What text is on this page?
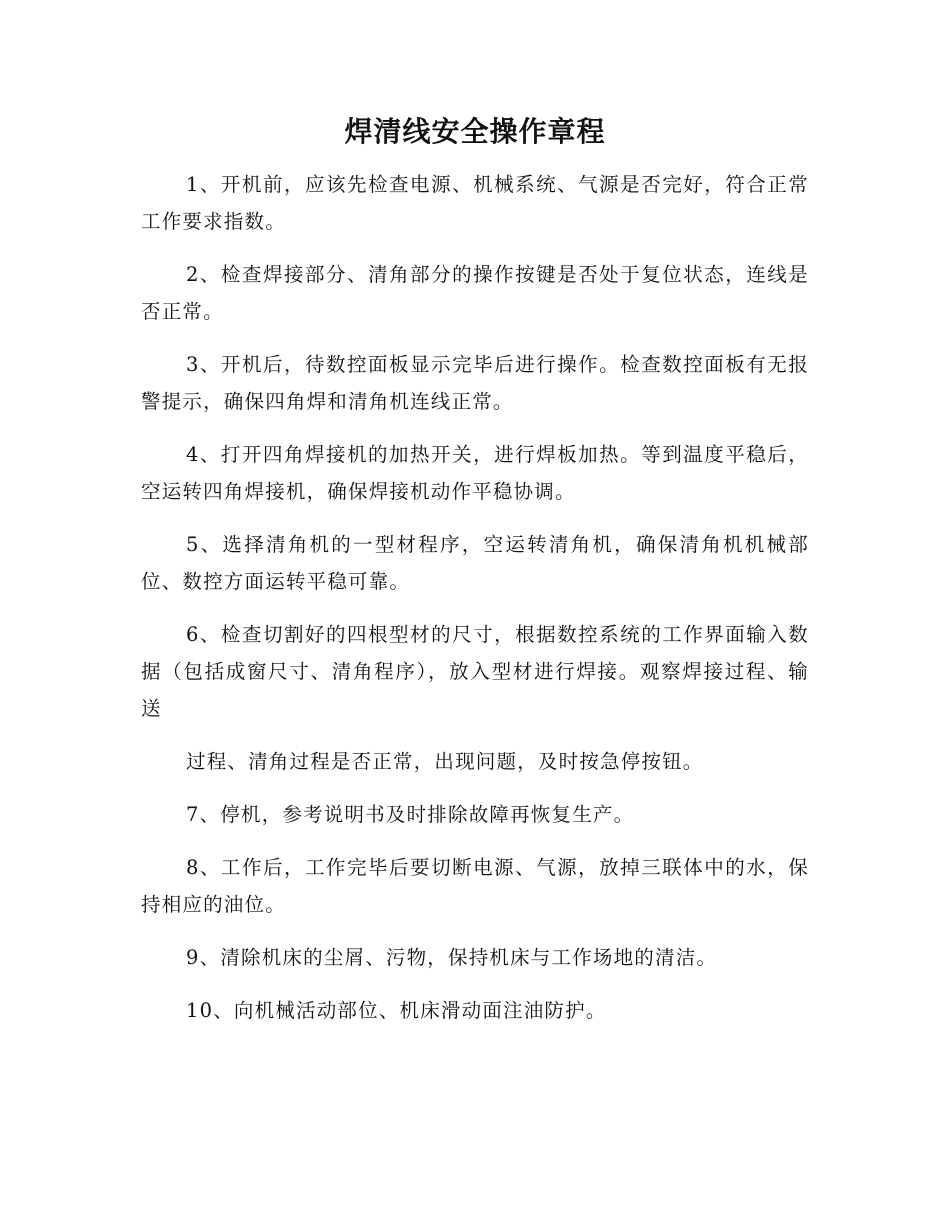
焊清线安全操作章程

1、开机前，应该先检查电源、机械系统、气源是否完好，符合正常工作要求指数。

2、检查焊接部分、清角部分的操作按键是否处于复位状态，连线是否正常。

3、开机后，待数控面板显示完毕后进行操作。检查数控面板有无报警提示，确保四角焊和清角机连线正常。

4、打开四角焊接机的加热开关，进行焊板加热。等到温度平稳后，空运转四角焊接机，确保焊接机动作平稳协调。

5、选择清角机的一型材程序，空运转清角机，确保清角机机械部位、数控方面运转平稳可靠。

6、检查切割好的四根型材的尺寸，根据数控系统的工作界面输入数据（包括成窗尺寸、清角程序），放入型材进行焊接。观察焊接过程、输 送

过程、清角过程是否正常，出现问题，及时按急停按钮。

7、停机，参考说明书及时排除故障再恢复生产。

8、工作后，工作完毕后要切断电源、气源，放掉三联体中的水，保持相应的油位。

9、清除机床的尘屑、污物，保持机床与工作场地的清洁。

10、向机械活动部位、机床滑动面注油防护。
